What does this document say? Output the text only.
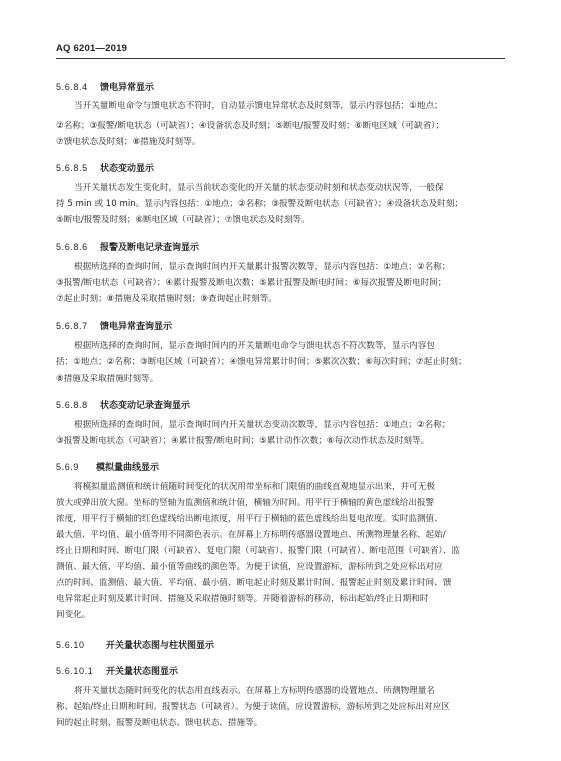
AQ 6201—2019
5.6.8.4 馈电异常显示
当开关量断电命令与馈电状态不符时，自动显示馈电异常状态及时刻等，显示内容包括：①地点；
②名称；③报警/断电状态（可缺省）；④设备状态及时刻；⑤断电/报警及时刻；⑥断电区域（可缺省）；
⑦馈电状态及时刻；⑧措施及时刻等。
5.6.8.5 状态变动显示
当开关量状态发生变化时，显示当前状态变化的开关量的状态变动时刻和状态变动状况等，一般保
持 5 min 或 10 min。显示内容包括：①地点；②名称；③报警及断电状态（可缺省）；④设备状态及时刻；
⑤断电/报警及时刻；⑥断电区域（可缺省）；⑦馈电状态及时刻等。
5.6.8.6 报警及断电记录查询显示
根据所选择的查询时间，显示查询时间内开关量累计报警次数等，显示内容包括：①地点；②名称；
③报警/断电状态（可缺省）；④累计报警及断电次数；⑤累计报警及断电时间；⑥每次报警及断电时间；
⑦起止时刻；⑧措施及采取措施时刻；⑨查询起止时刻等。
5.6.8.7 馈电异常查询显示
根据所选择的查询时间，显示查询时间内的开关量断电命令与馈电状态不符次数等，显示内容包
括：①地点；②名称；③断电区域（可缺省）；④馈电异常累计时间；⑤累次次数；⑥每次时间；⑦起止时刻；
⑧措施及采取措施时刻等。
5.6.8.8 状态变动记录查询显示
根据所选择的查询时间，显示查询时间内开关量状态变动次数等，显示内容包括：①地点；②名称；
③报警及断电状态（可缺省）；④累计报警/断电时间；⑤累计动作次数；⑥每次动作状态及时刻等。
5.6.9 模拟量曲线显示
将模拟量监测值和统计值随时间变化的状况用带坐标和门限值的曲线直观地显示出来，并可无极
放大或弹出放大窗。坐标的竖轴为监测值和统计值，横轴为时间。用平行于横轴的黄色虚线给出报警
浓度，用平行于横轴的红色虚线给出断电浓度，用平行于横轴的蓝色虚线给出复电浓度。实时监测值、
最大值、平均值、最小值等用不同颜色表示。在屏幕上方标明传感器设置地点、所测物理量名称、起始/
终止日期和时间、断电门限（可缺省）、复电门限（可缺省）、报警门限（可缺省）、断电范围（可缺省）、监
测值、最大值、平均值、最小值等曲线的颜色等。为便于读值，应设置游标，游标所到之处应标出对应
点的时间、监测值、最大值、平均值、最小值、断电起止时刻及累计时间、报警起止时刻及累计时间、馈
电异常起止时刻及累计时间、措施及采取措施时刻等。并随着游标的移动，标出起始/终止日期和时
间变化。
5.6.10 开关量状态图与柱状图显示
5.6.10.1 开关量状态图显示
将开关量状态随时间变化的状态用直线表示。在屏幕上方标明传感器的设置地点、所测物理量名
称、起始/终止日期和时间、报警状态（可缺省）。为便于读值，应设置游标，游标所到之处应标出对应区
间的起止时刻、报警及断电状态、馈电状态、措施等。
